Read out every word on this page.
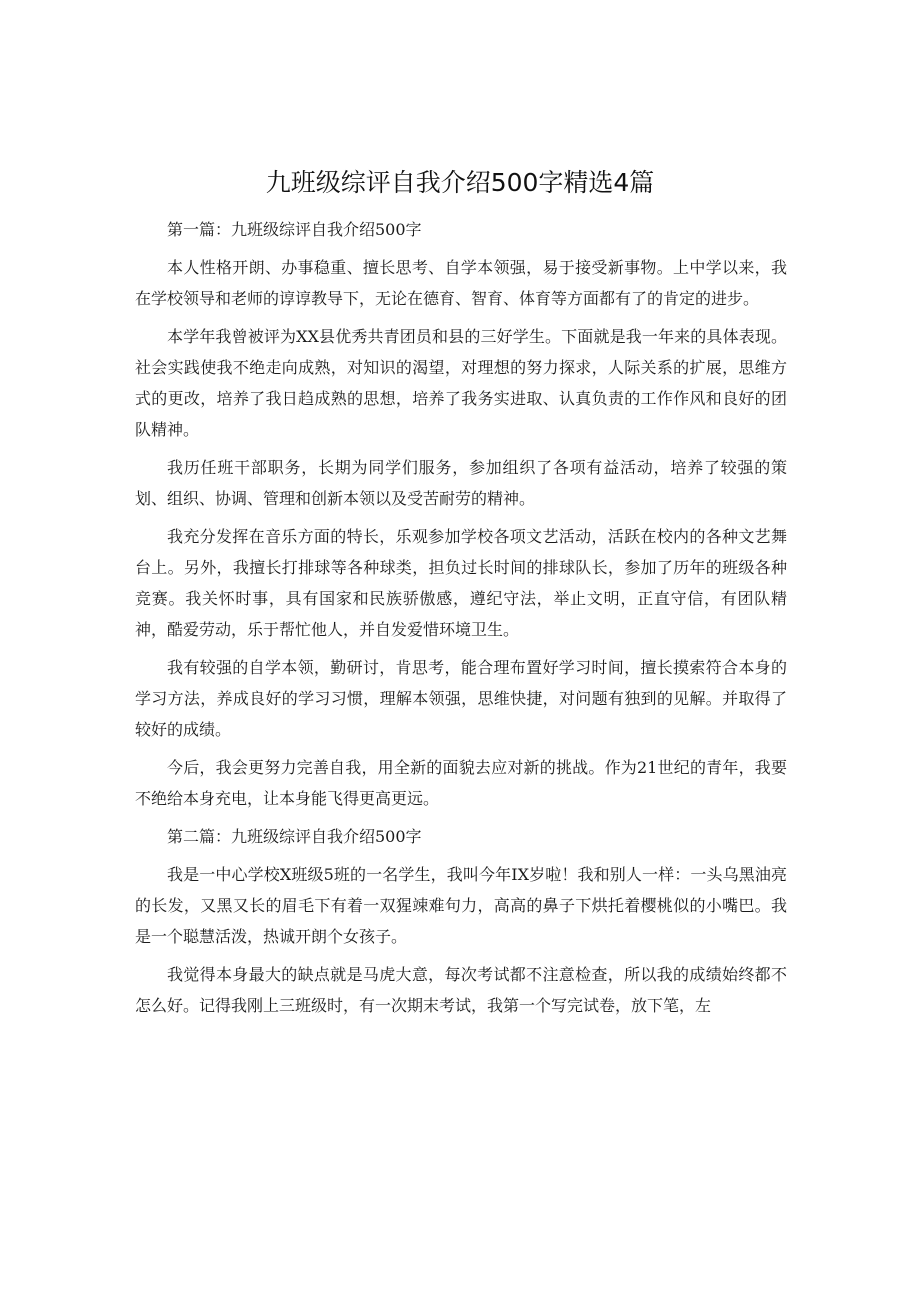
九班级综评自我介绍500字精选4篇
第一篇：九班级综评自我介绍500字

本人性格开朗、办事稳重、擅长思考、自学本领强，易于接受新事物。上中学以来，我在学校领导和老师的谆谆教导下，无论在德育、智育、体育等方面都有了的肯定的进步。

本学年我曾被评为XX县优秀共青团员和县的三好学生。下面就是我一年来的具体表现。社会实践使我不绝走向成熟，对知识的渴望，对理想的努力探求，人际关系的扩展，思维方式的更改，培养了我日趋成熟的思想，培养了我务实进取、认真负责的工作作风和良好的团队精神。

我历任班干部职务，长期为同学们服务，参加组织了各项有益活动，培养了较强的策划、组织、协调、管理和创新本领以及受苦耐劳的精神。

我充分发挥在音乐方面的特长，乐观参加学校各项文艺活动，活跃在校内的各种文艺舞台上。另外，我擅长打排球等各种球类，担负过长时间的排球队长，参加了历年的班级各种竞赛。我关怀时事，具有国家和民族骄傲感，遵纪守法，举止文明，正直守信，有团队精神，酷爱劳动，乐于帮忙他人，并自发爱惜环境卫生。

我有较强的自学本领，勤研讨，肯思考，能合理布置好学习时间，擅长摸索符合本身的学习方法，养成良好的学习习惯，理解本领强，思维快捷，对问题有独到的见解。并取得了较好的成绩。

今后，我会更努力完善自我，用全新的面貌去应对新的挑战。作为21世纪的青年，我要不绝给本身充电，让本身能飞得更高更远。

第二篇：九班级综评自我介绍500字

我是一中心学校X班级5班的一名学生，我叫今年IX岁啦！我和别人一样：一头乌黑油亮的长发，又黑又长的眉毛下有着一双猩竦难句力，高高的鼻子下烘托着樱桃似的小嘴巴。我是一个聪慧活泼，热诚开朗个女孩子。

我觉得本身最大的缺点就是马虎大意，每次考试都不注意检查，所以我的成绩始终都不怎么好。记得我刚上三班级时，有一次期末考试，我第一个写完试卷，放下笔，左
